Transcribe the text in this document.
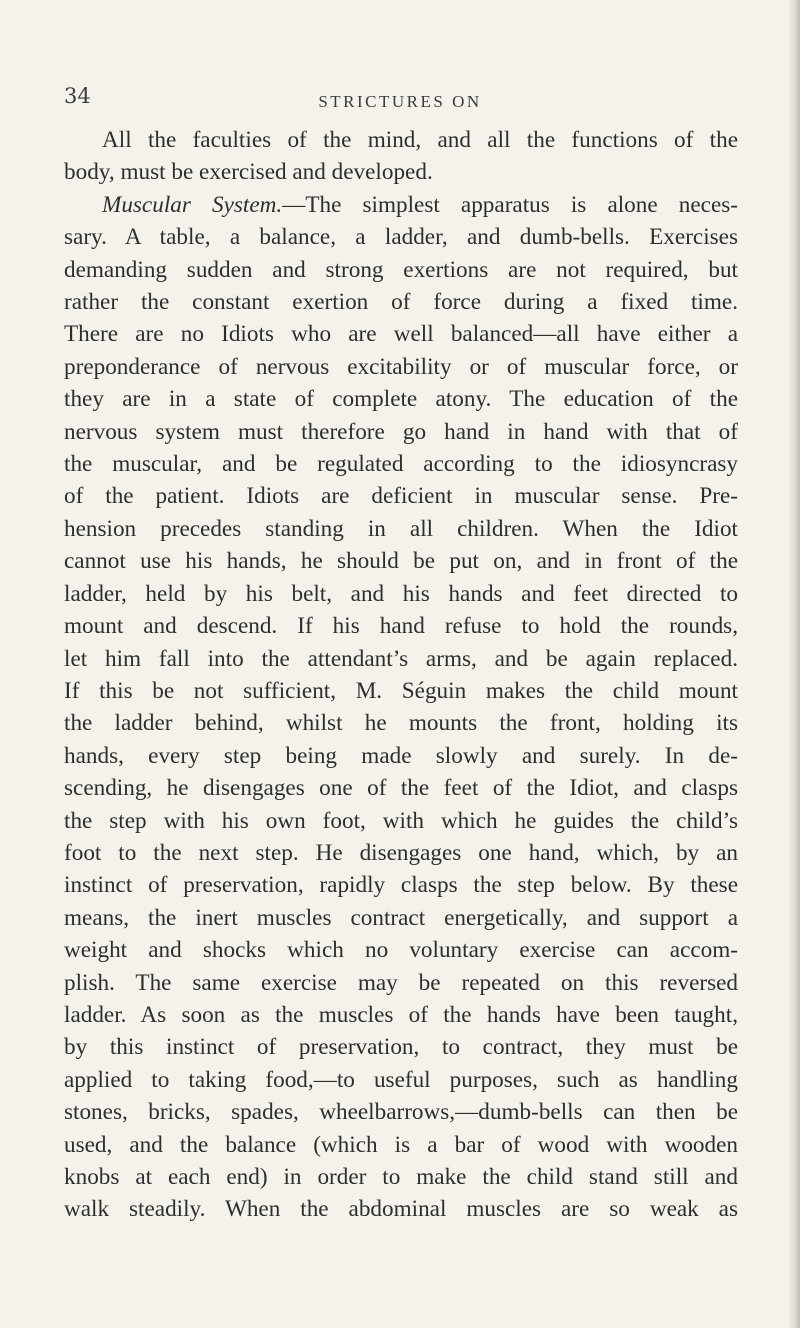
34	STRICTURES ON
All the faculties of the mind, and all the functions of the
body, must be exercised and developed.
Muscular System.—The simplest apparatus is alone neces-
sary. A table, a balance, a ladder, and dumb-bells. Exercises
demanding sudden and strong exertions are not required, but
rather the constant exertion of force during a fixed time.
There are no Idiots who are well balanced—all have either a
preponderance of nervous excitability or of muscular force, or
they are in a state of complete atony. The education of the
nervous system must therefore go hand in hand with that of
the muscular, and be regulated according to the idiosyncrasy
of the patient. Idiots are deficient in muscular sense. Pre-
hension precedes standing in all children. When the Idiot
cannot use his hands, he should be put on, and in front of the
ladder, held by his belt, and his hands and feet directed to
mount and descend. If his hand refuse to hold the rounds,
let him fall into the attendant’s arms, and be again replaced.
If this be not sufficient, M. Séguin makes the child mount
the ladder behind, whilst he mounts the front, holding its
hands, every step being made slowly and surely. In de-
scending, he disengages one of the feet of the Idiot, and clasps
the step with his own foot, with which he guides the child’s
foot to the next step. He disengages one hand, which, by an
instinct of preservation, rapidly clasps the step below. By these
means, the inert muscles contract energetically, and support a
weight and shocks which no voluntary exercise can accom-
plish. The same exercise may be repeated on this reversed
ladder. As soon as the muscles of the hands have been taught,
by this instinct of preservation, to contract, they must be
applied to taking food,—to useful purposes, such as handling
stones, bricks, spades, wheelbarrows,—dumb-bells can then be
used, and the balance (which is a bar of wood with wooden
knobs at each end) in order to make the child stand still and
walk steadily. When the abdominal muscles are so weak as
